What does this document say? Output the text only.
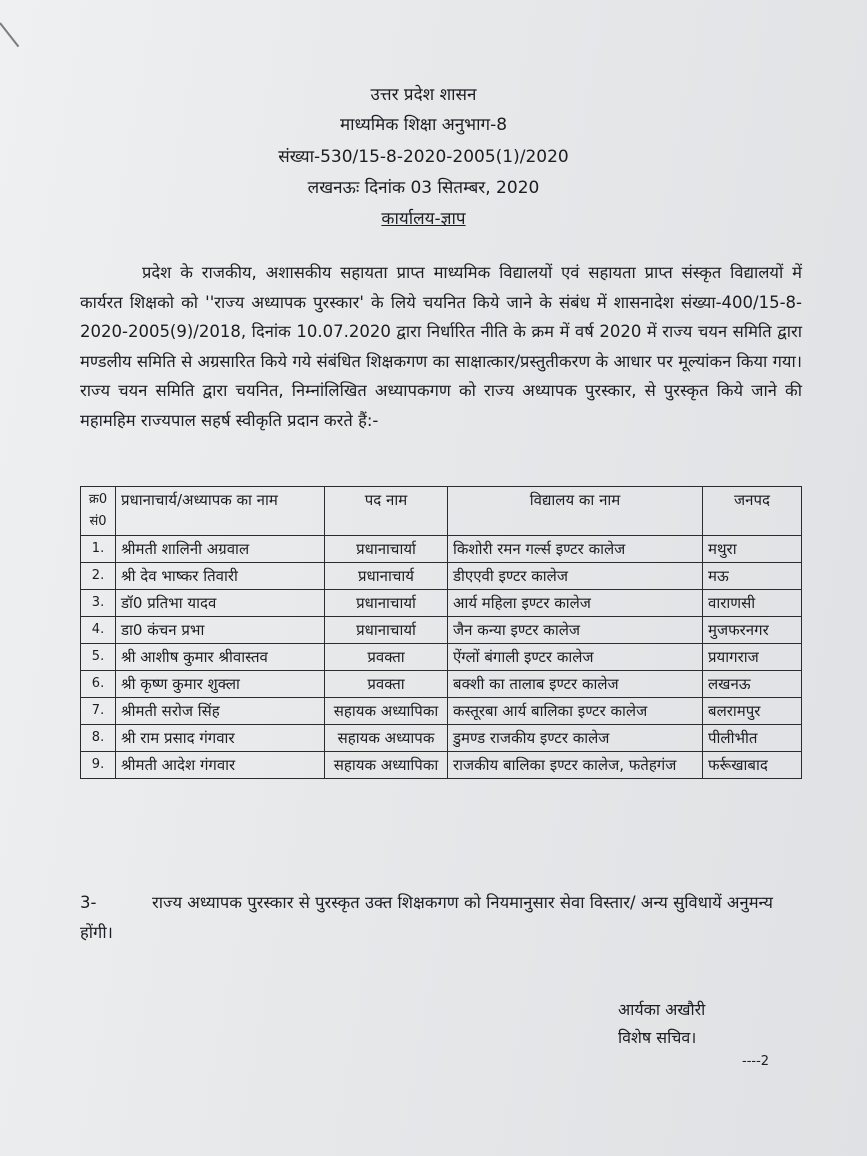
उत्तर प्रदेश शासन
माध्यमिक शिक्षा अनुभाग-8
संख्या-530/15-8-2020-2005(1)/2020
लखनऊः दिनांक 03 सितम्बर, 2020
कार्यालय-ज्ञाप
प्रदेश के राजकीय, अशासकीय सहायता प्राप्त माध्यमिक विद्यालयों एवं सहायता प्राप्त संस्कृत विद्यालयों में कार्यरत शिक्षको को ''राज्य अध्यापक पुरस्कार' के लिये चयनित किये जाने के संबंध में शासनादेश संख्या-400/15-8-2020-2005(9)/2018, दिनांक 10.07.2020 द्वारा निर्धारित नीति के क्रम में वर्ष 2020 में राज्य चयन समिति द्वारा मण्डलीय समिति से अग्रसारित किये गये संबंधित शिक्षकगण का साक्षात्कार/प्रस्तुतीकरण के आधार पर मूल्यांकन किया गया। राज्य चयन समिति द्वारा चयनित, निम्नांलिखित अध्यापकगण को राज्य अध्यापक पुरस्कार, से पुरस्कृत किये जाने की महामहिम राज्यपाल सहर्ष स्वीकृति प्रदान करते हैं:-
क्र0 सं0	प्रधानाचार्य/अध्यापक का नाम	पद नाम	विद्यालय का नाम	जनपद
1.	श्रीमती शालिनी अग्रवाल	प्रधानाचार्या	किशोरी रमन गर्ल्स इण्टर कालेज	मथुरा
2.	श्री देव भाष्कर तिवारी	प्रधानाचार्य	डीएएवी इण्टर कालेज	मऊ
3.	डॉ0 प्रतिभा यादव	प्रधानाचार्या	आर्य महिला इण्टर कालेज	वाराणसी
4.	डा0 कंचन प्रभा	प्रधानाचार्या	जैन कन्या इण्टर कालेज	मुजफरनगर
5.	श्री आशीष कुमार श्रीवास्तव	प्रवक्ता	ऐंग्लों बंगाली इण्टर कालेज	प्रयागराज
6.	श्री कृष्ण कुमार शुक्ला	प्रवक्ता	बक्शी का तालाब इण्टर कालेज	लखनऊ
7.	श्रीमती सरोज सिंह	सहायक अध्यापिका	कस्तूरबा आर्य बालिका इण्टर कालेज	बलरामपुर
8.	श्री राम प्रसाद गंगवार	सहायक अध्यापक	डुमण्ड राजकीय इण्टर कालेज	पीलीभीत
9.	श्रीमती आदेश गंगवार	सहायक अध्यापिका	राजकीय बालिका इण्टर कालेज, फतेहगंज	फर्रूखाबाद
3-	राज्य अध्यापक पुरस्कार से पुरस्कृत उक्त शिक्षकगण को नियमानुसार सेवा विस्तार/ अन्य सुविधायें अनुमन्य होंगी।
आर्यका अखौरी
विशेष सचिव।
----2
